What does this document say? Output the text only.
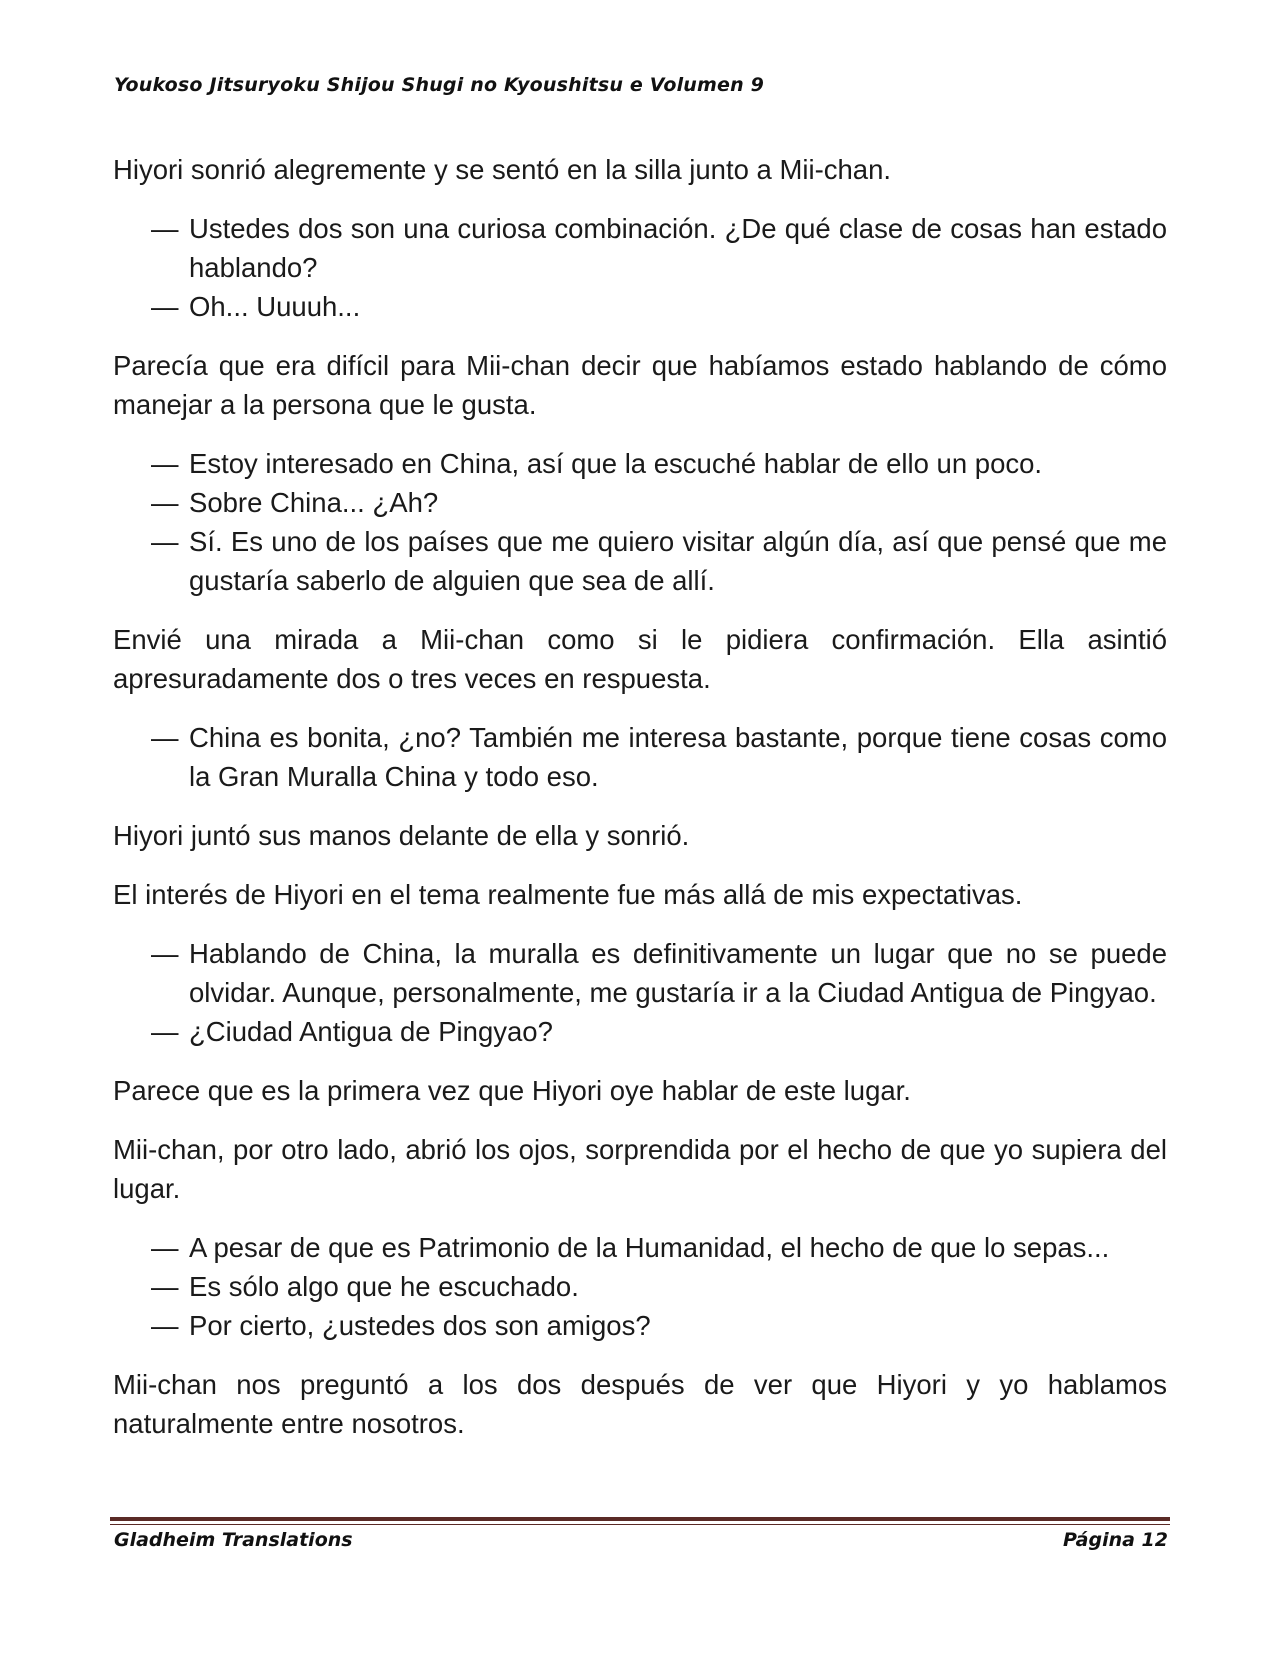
Youkoso Jitsuryoku Shijou Shugi no Kyoushitsu e Volumen 9

Hiyori sonrió alegremente y se sentó en la silla junto a Mii-chan.

— Ustedes dos son una curiosa combinación. ¿De qué clase de cosas han estado hablando?

— Oh... Uuuuh...

Parecía que era difícil para Mii-chan decir que habíamos estado hablando de cómo manejar a la persona que le gusta.

— Estoy interesado en China, así que la escuché hablar de ello un poco.

— Sobre China... ¿Ah?

— Sí. Es uno de los países que me quiero visitar algún día, así que pensé que me gustaría saberlo de alguien que sea de allí.

Envié una mirada a Mii-chan como si le pidiera confirmación. Ella asintió apresuradamente dos o tres veces en respuesta.

— China es bonita, ¿no? También me interesa bastante, porque tiene cosas como la Gran Muralla China y todo eso.

Hiyori juntó sus manos delante de ella y sonrió.

El interés de Hiyori en el tema realmente fue más allá de mis expectativas.

— Hablando de China, la muralla es definitivamente un lugar que no se puede olvidar. Aunque, personalmente, me gustaría ir a la Ciudad Antigua de Pingyao.

— ¿Ciudad Antigua de Pingyao?

Parece que es la primera vez que Hiyori oye hablar de este lugar.

Mii-chan, por otro lado, abrió los ojos, sorprendida por el hecho de que yo supiera del lugar.

— A pesar de que es Patrimonio de la Humanidad, el hecho de que lo sepas...

— Es sólo algo que he escuchado.

— Por cierto, ¿ustedes dos son amigos?

Mii-chan nos preguntó a los dos después de ver que Hiyori y yo hablamos naturalmente entre nosotros.

Gladheim Translations	Página 12
